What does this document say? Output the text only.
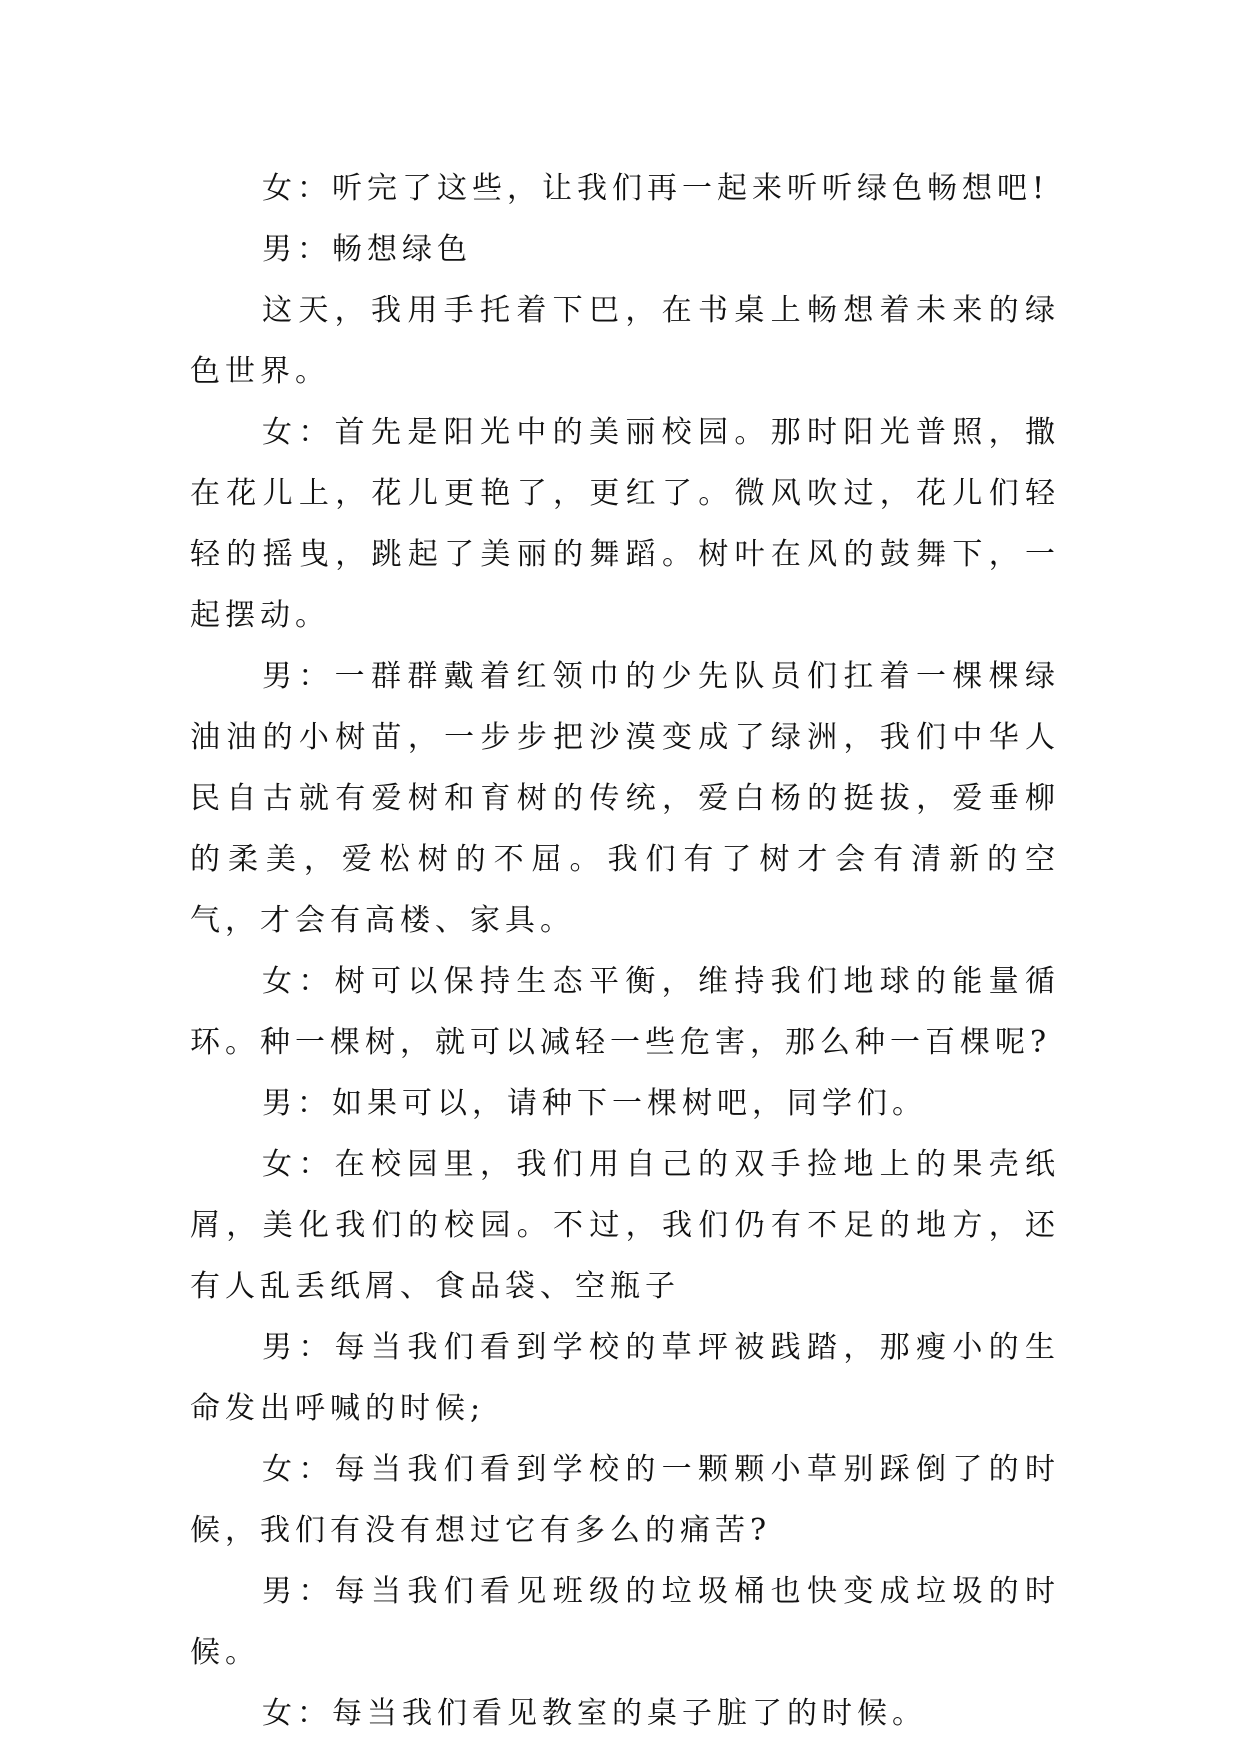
女：听完了这些，让我们再一起来听听绿色畅想吧!

男：畅想绿色

这天，我用手托着下巴，在书桌上畅想着未来的绿色世界。

女：首先是阳光中的美丽校园。那时阳光普照，撒在花儿上，花儿更艳了，更红了。微风吹过，花儿们轻轻的摇曳，跳起了美丽的舞蹈。树叶在风的鼓舞下，一起摆动。

男：一群群戴着红领巾的少先队员们扛着一棵棵绿油油的小树苗，一步步把沙漠变成了绿洲，我们中华人民自古就有爱树和育树的传统，爱白杨的挺拔，爱垂柳的柔美，爱松树的不屈。我们有了树才会有清新的空气，才会有高楼、家具。

女：树可以保持生态平衡，维持我们地球的能量循环。种一棵树，就可以减轻一些危害，那么种一百棵呢?

男：如果可以，请种下一棵树吧，同学们。

女：在校园里，我们用自己的双手捡地上的果壳纸屑，美化我们的校园。不过，我们仍有不足的地方，还有人乱丢纸屑、食品袋、空瓶子

男：每当我们看到学校的草坪被践踏，那瘦小的生命发出呼喊的时候;

女：每当我们看到学校的一颗颗小草别踩倒了的时候，我们有没有想过它有多么的痛苦?

男：每当我们看见班级的垃圾桶也快变成垃圾的时候。

女：每当我们看见教室的桌子脏了的时候。
